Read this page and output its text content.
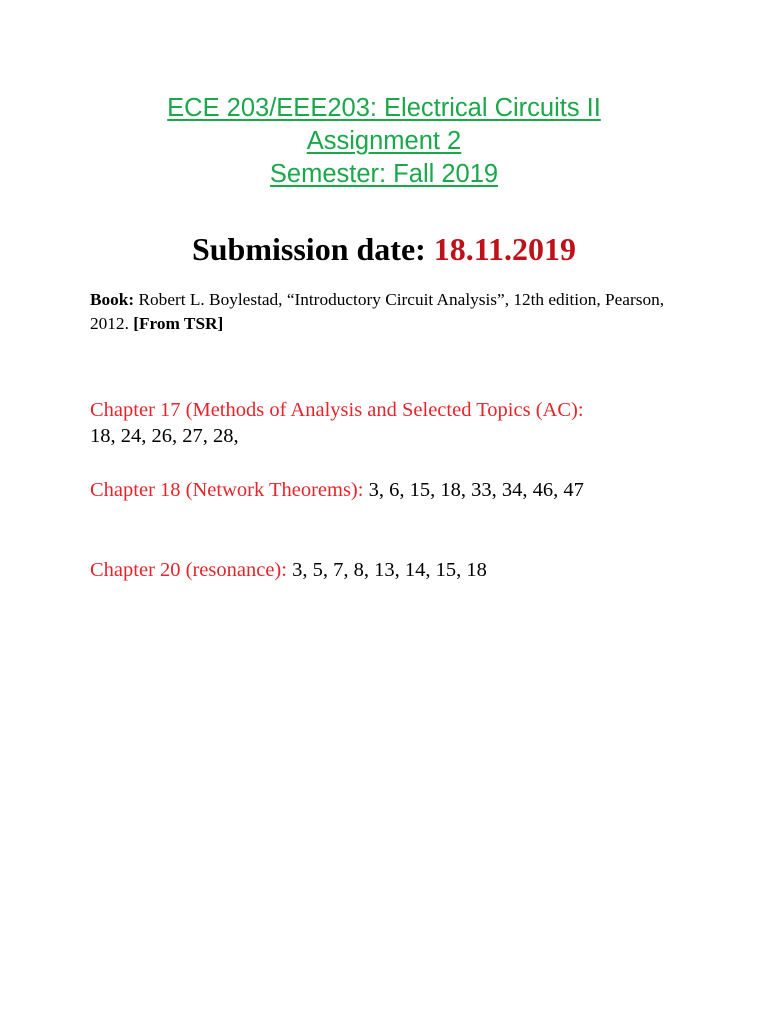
ECE 203/EEE203: Electrical Circuits II
Assignment 2
Semester: Fall 2019
Submission date: 18.11.2019
Book: Robert L. Boylestad, “Introductory Circuit Analysis”, 12th edition, Pearson, 2012. [From TSR]
Chapter 17 (Methods of Analysis and Selected Topics (AC):
18, 24, 26, 27, 28,
Chapter 18 (Network Theorems): 3, 6, 15, 18, 33, 34, 46, 47
Chapter 20 (resonance): 3, 5, 7, 8, 13, 14, 15, 18
